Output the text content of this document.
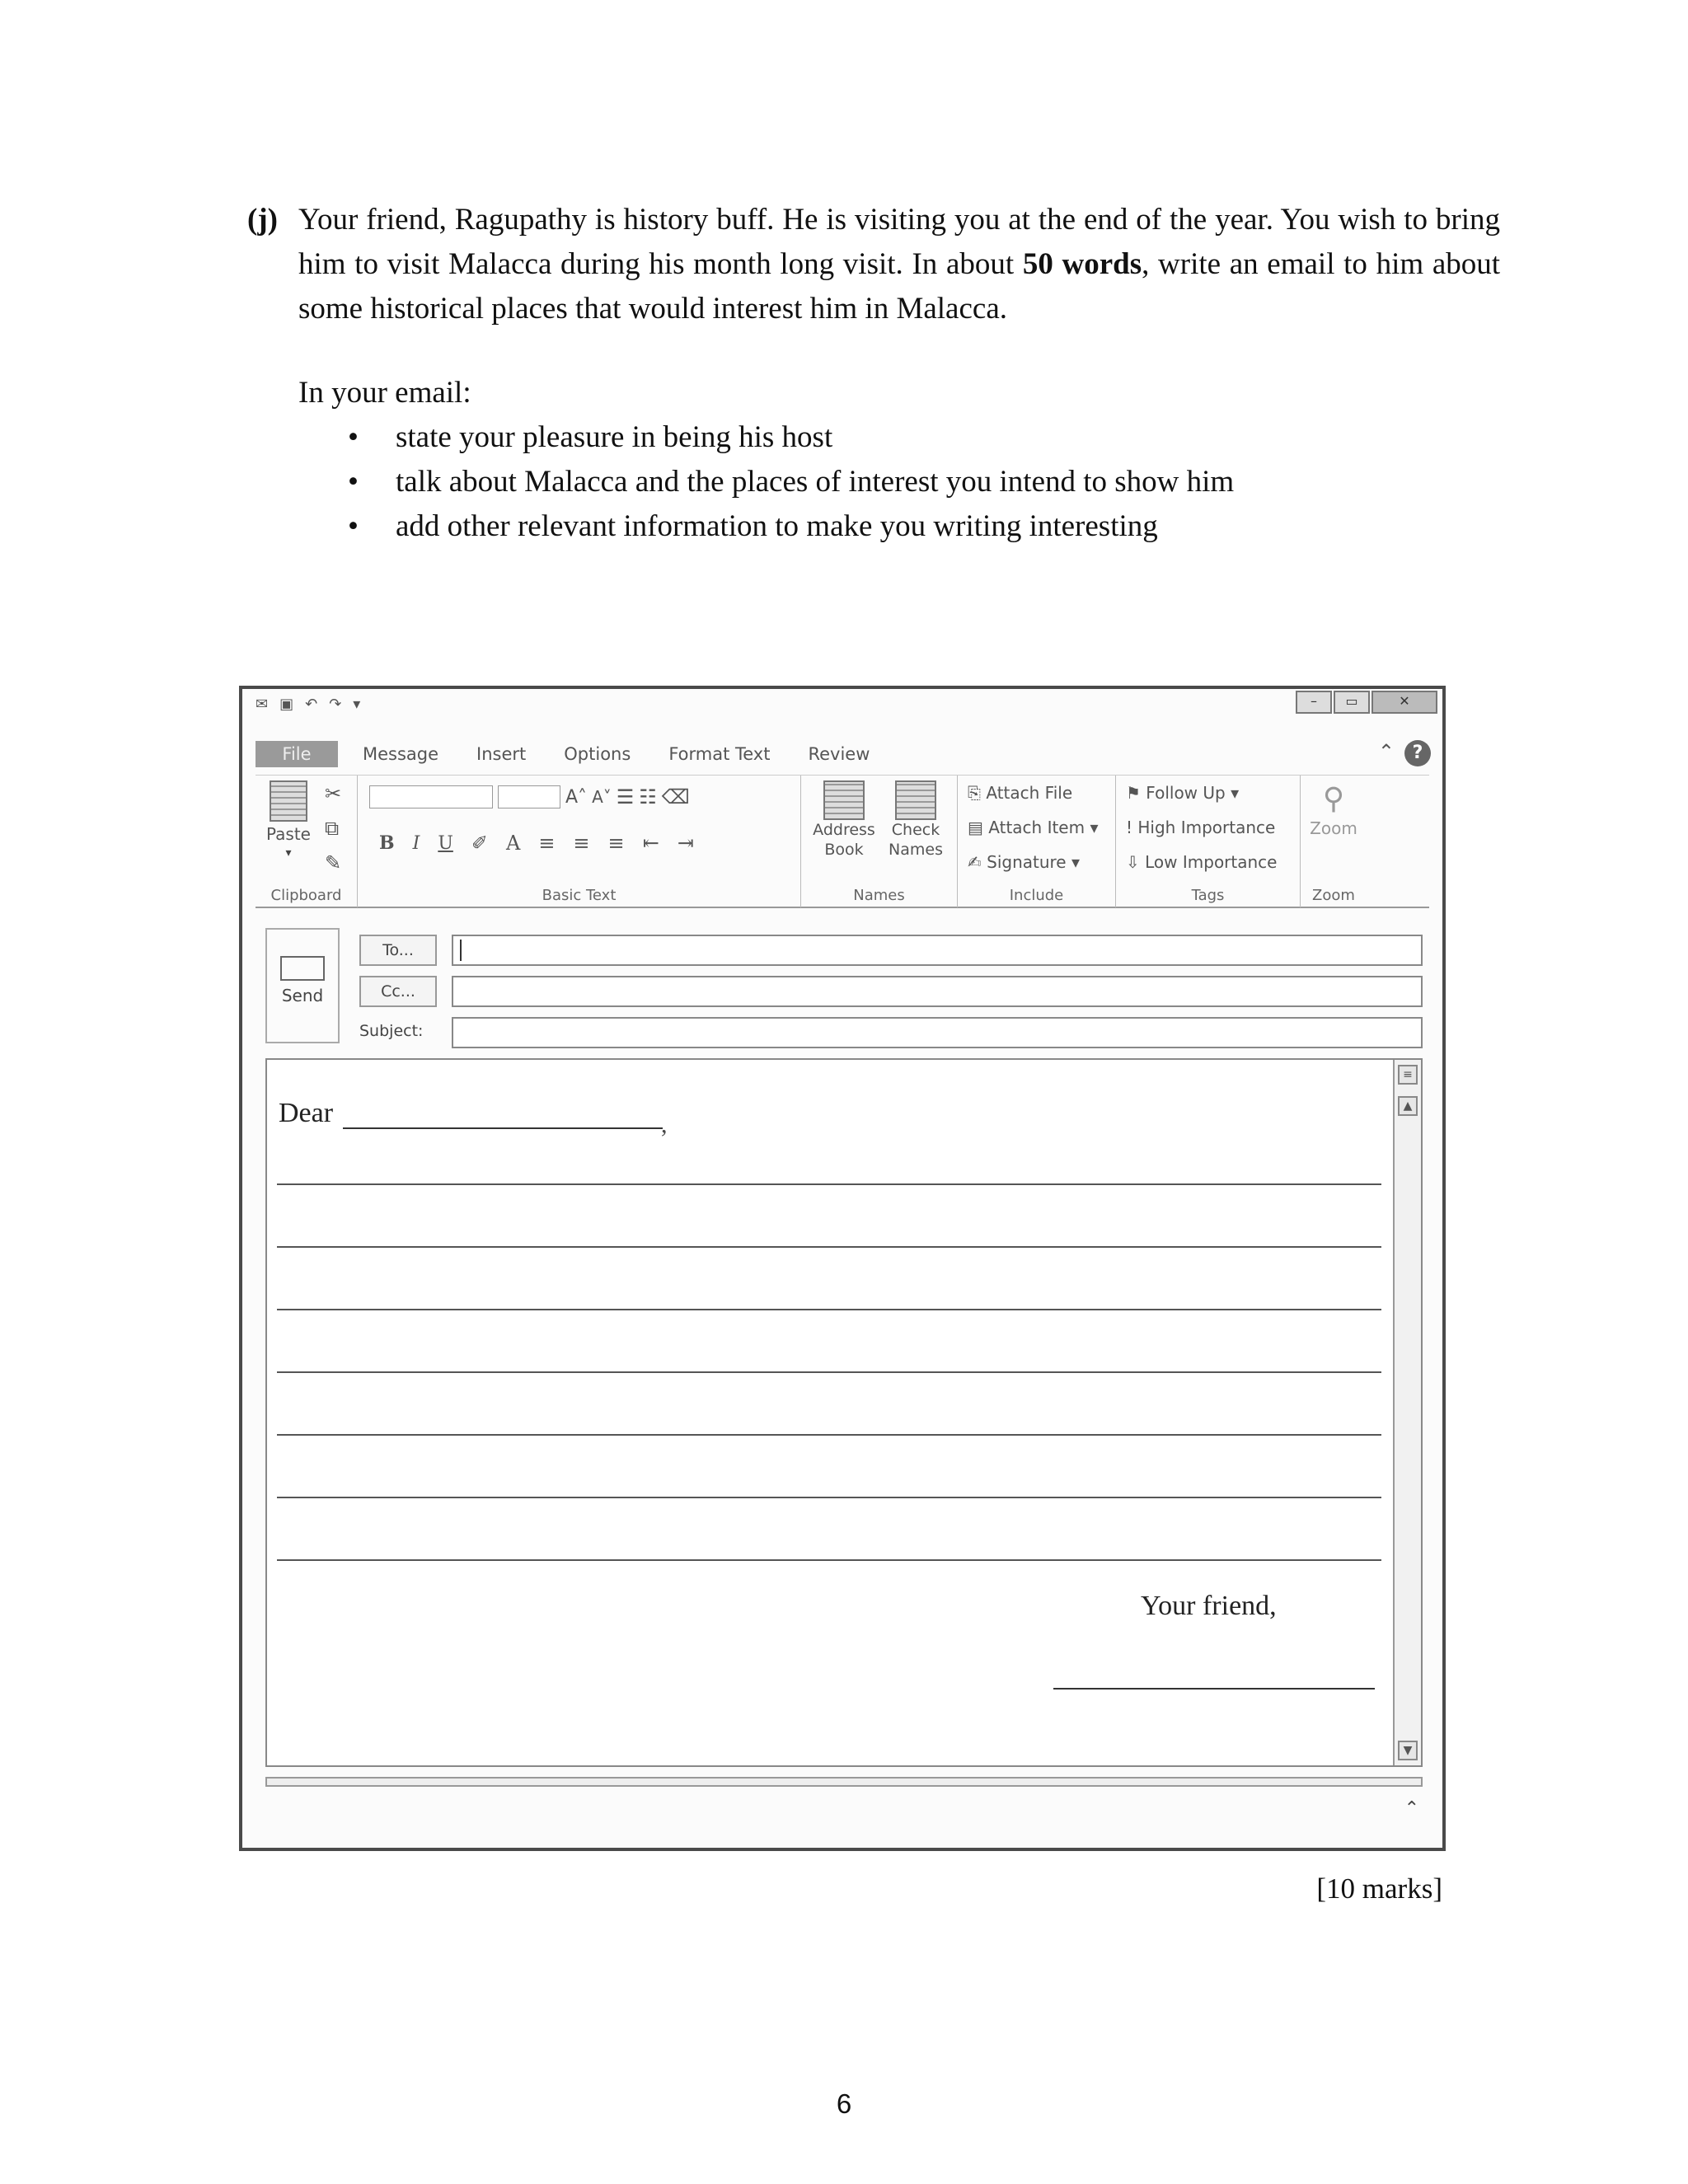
(j) Your friend, Ragupathy is history buff. He is visiting you at the end of the year. You wish to bring him to visit Malacca during his month long visit. In about 50 words, write an email to him about some historical places that would interest him in Malacca.

In your email:

• state your pleasure in being his host
• talk about Malacca and the places of interest you intend to show him
• add other relevant information to make you writing interesting
✉ ▣ ↶ ↷ ▾	–	▭	✕
File	Message Insert Options Format Text Review	⌃ ?
Paste
▾
✂
⧉
✎
Clipboard
A˄ A˅ ☰ ☷ ⌫
B I U ✐ A ≡ ≡ ≡ ⇤ ⇥
Basic Text
Address Book
Check Names
Names
⎘ Attach File
▤ Attach Item ▾
✍ Signature ▾
Include
⚑ Follow Up ▾
! High Importance
⇩ Low Importance
Tags
⚲
Zoom
Zoom
Send
To...
Cc...
Subject:
Dear	,
Your friend,
≡
▲
▼
⌃
[10 marks]
6
